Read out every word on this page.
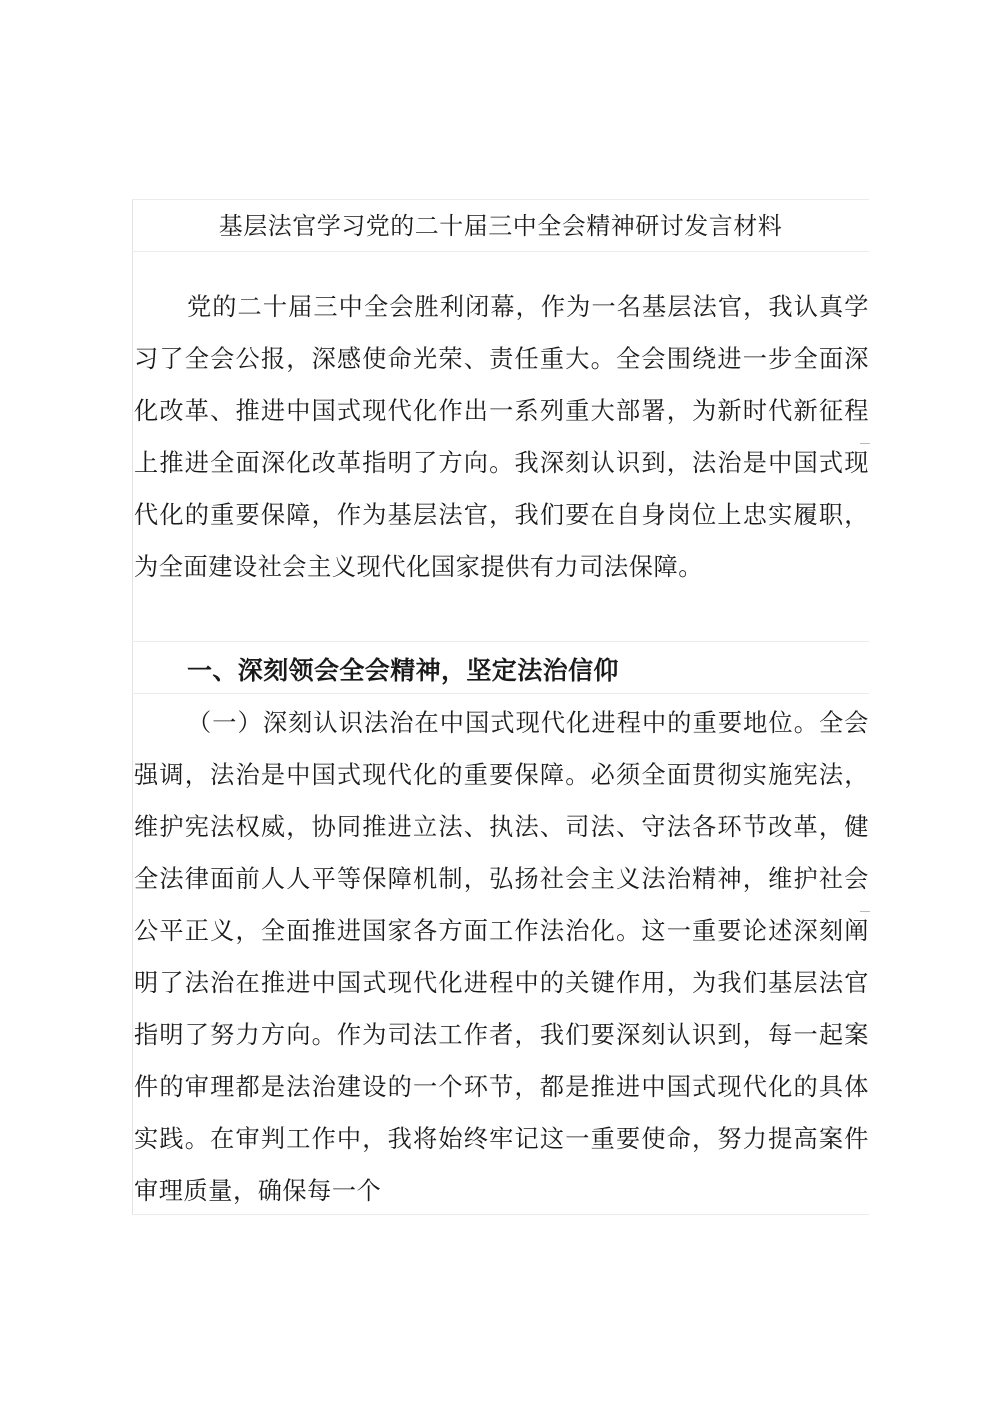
基层法官学习党的二十届三中全会精神研讨发言材料

党的二十届三中全会胜利闭幕，作为一名基层法官，我认真学习了全会公报，深感使命光荣、责任重大。全会围绕进一步全面深化改革、推进中国式现代化作出一系列重大部署，为新时代新征程上推进全面深化改革指明了方向。我深刻认识到，法治是中国式现代化的重要保障，作为基层法官，我们要在自身岗位上忠实履职，为全面建设社会主义现代化国家提供有力司法保障。

一、深刻领会全会精神，坚定法治信仰

（一）深刻认识法治在中国式现代化进程中的重要地位。全会强调，法治是中国式现代化的重要保障。必须全面贯彻实施宪法，维护宪法权威，协同推进立法、执法、司法、守法各环节改革，健全法律面前人人平等保障机制，弘扬社会主义法治精神，维护社会公平正义，全面推进国家各方面工作法治化。这一重要论述深刻阐明了法治在推进中国式现代化进程中的关键作用，为我们基层法官指明了努力方向。作为司法工作者，我们要深刻认识到，每一起案件的审理都是法治建设的一个环节，都是推进中国式现代化的具体实践。在审判工作中，我将始终牢记这一重要使命，努力提高案件审理质量，确保每一个
